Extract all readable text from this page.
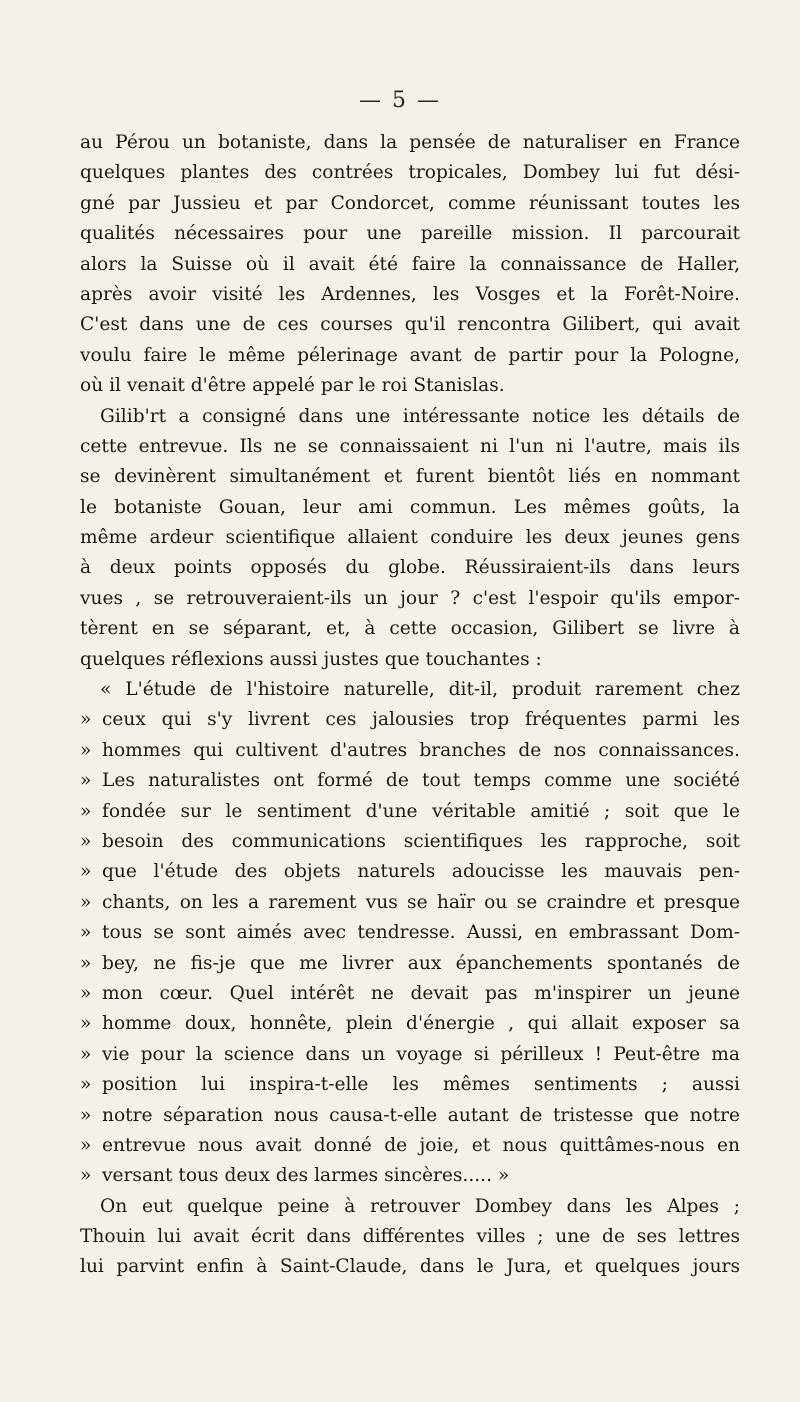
— 5 —
au Pérou un botaniste, dans la pensée de naturaliser en France
quelques plantes des contrées tropicales, Dombey lui fut dési-
gné par Jussieu et par Condorcet, comme réunissant toutes les
qualités nécessaires pour une pareille mission. Il parcourait
alors la Suisse où il avait été faire la connaissance de Haller,
après avoir visité les Ardennes, les Vosges et la Forêt-Noire.
C'est dans une de ces courses qu'il rencontra Gilibert, qui avait
voulu faire le même pélerinage avant de partir pour la Pologne,
où il venait d'être appelé par le roi Stanislas.
Gilib'rt a consigné dans une intéressante notice les détails de
cette entrevue. Ils ne se connaissaient ni l'un ni l'autre, mais ils
se devinèrent simultanément et furent bientôt liés en nommant
le botaniste Gouan, leur ami commun. Les mêmes goûts, la
même ardeur scientifique allaient conduire les deux jeunes gens
à deux points opposés du globe. Réussiraient-ils dans leurs
vues , se retrouveraient-ils un jour ? c'est l'espoir qu'ils empor-
tèrent en se séparant, et, à cette occasion, Gilibert se livre à
quelques réflexions aussi justes que touchantes :
« L'étude de l'histoire naturelle, dit-il, produit rarement chez
» ceux qui s'y livrent ces jalousies trop fréquentes parmi les
» hommes qui cultivent d'autres branches de nos connaissances.
» Les naturalistes ont formé de tout temps comme une société
» fondée sur le sentiment d'une véritable amitié ; soit que le
» besoin des communications scientifiques les rapproche, soit
» que l'étude des objets naturels adoucisse les mauvais pen-
» chants, on les a rarement vus se haïr ou se craindre et presque
» tous se sont aimés avec tendresse. Aussi, en embrassant Dom-
» bey, ne fis-je que me livrer aux épanchements spontanés de
» mon cœur. Quel intérêt ne devait pas m'inspirer un jeune
» homme doux, honnête, plein d'énergie , qui allait exposer sa
» vie pour la science dans un voyage si périlleux ! Peut-être ma
» position lui inspira-t-elle les mêmes sentiments ; aussi
» notre séparation nous causa-t-elle autant de tristesse que notre
» entrevue nous avait donné de joie, et nous quittâmes-nous en
» versant tous deux des larmes sincères..... »
On eut quelque peine à retrouver Dombey dans les Alpes ;
Thouin lui avait écrit dans différentes villes ; une de ses lettres
lui parvint enfin à Saint-Claude, dans le Jura, et quelques jours
